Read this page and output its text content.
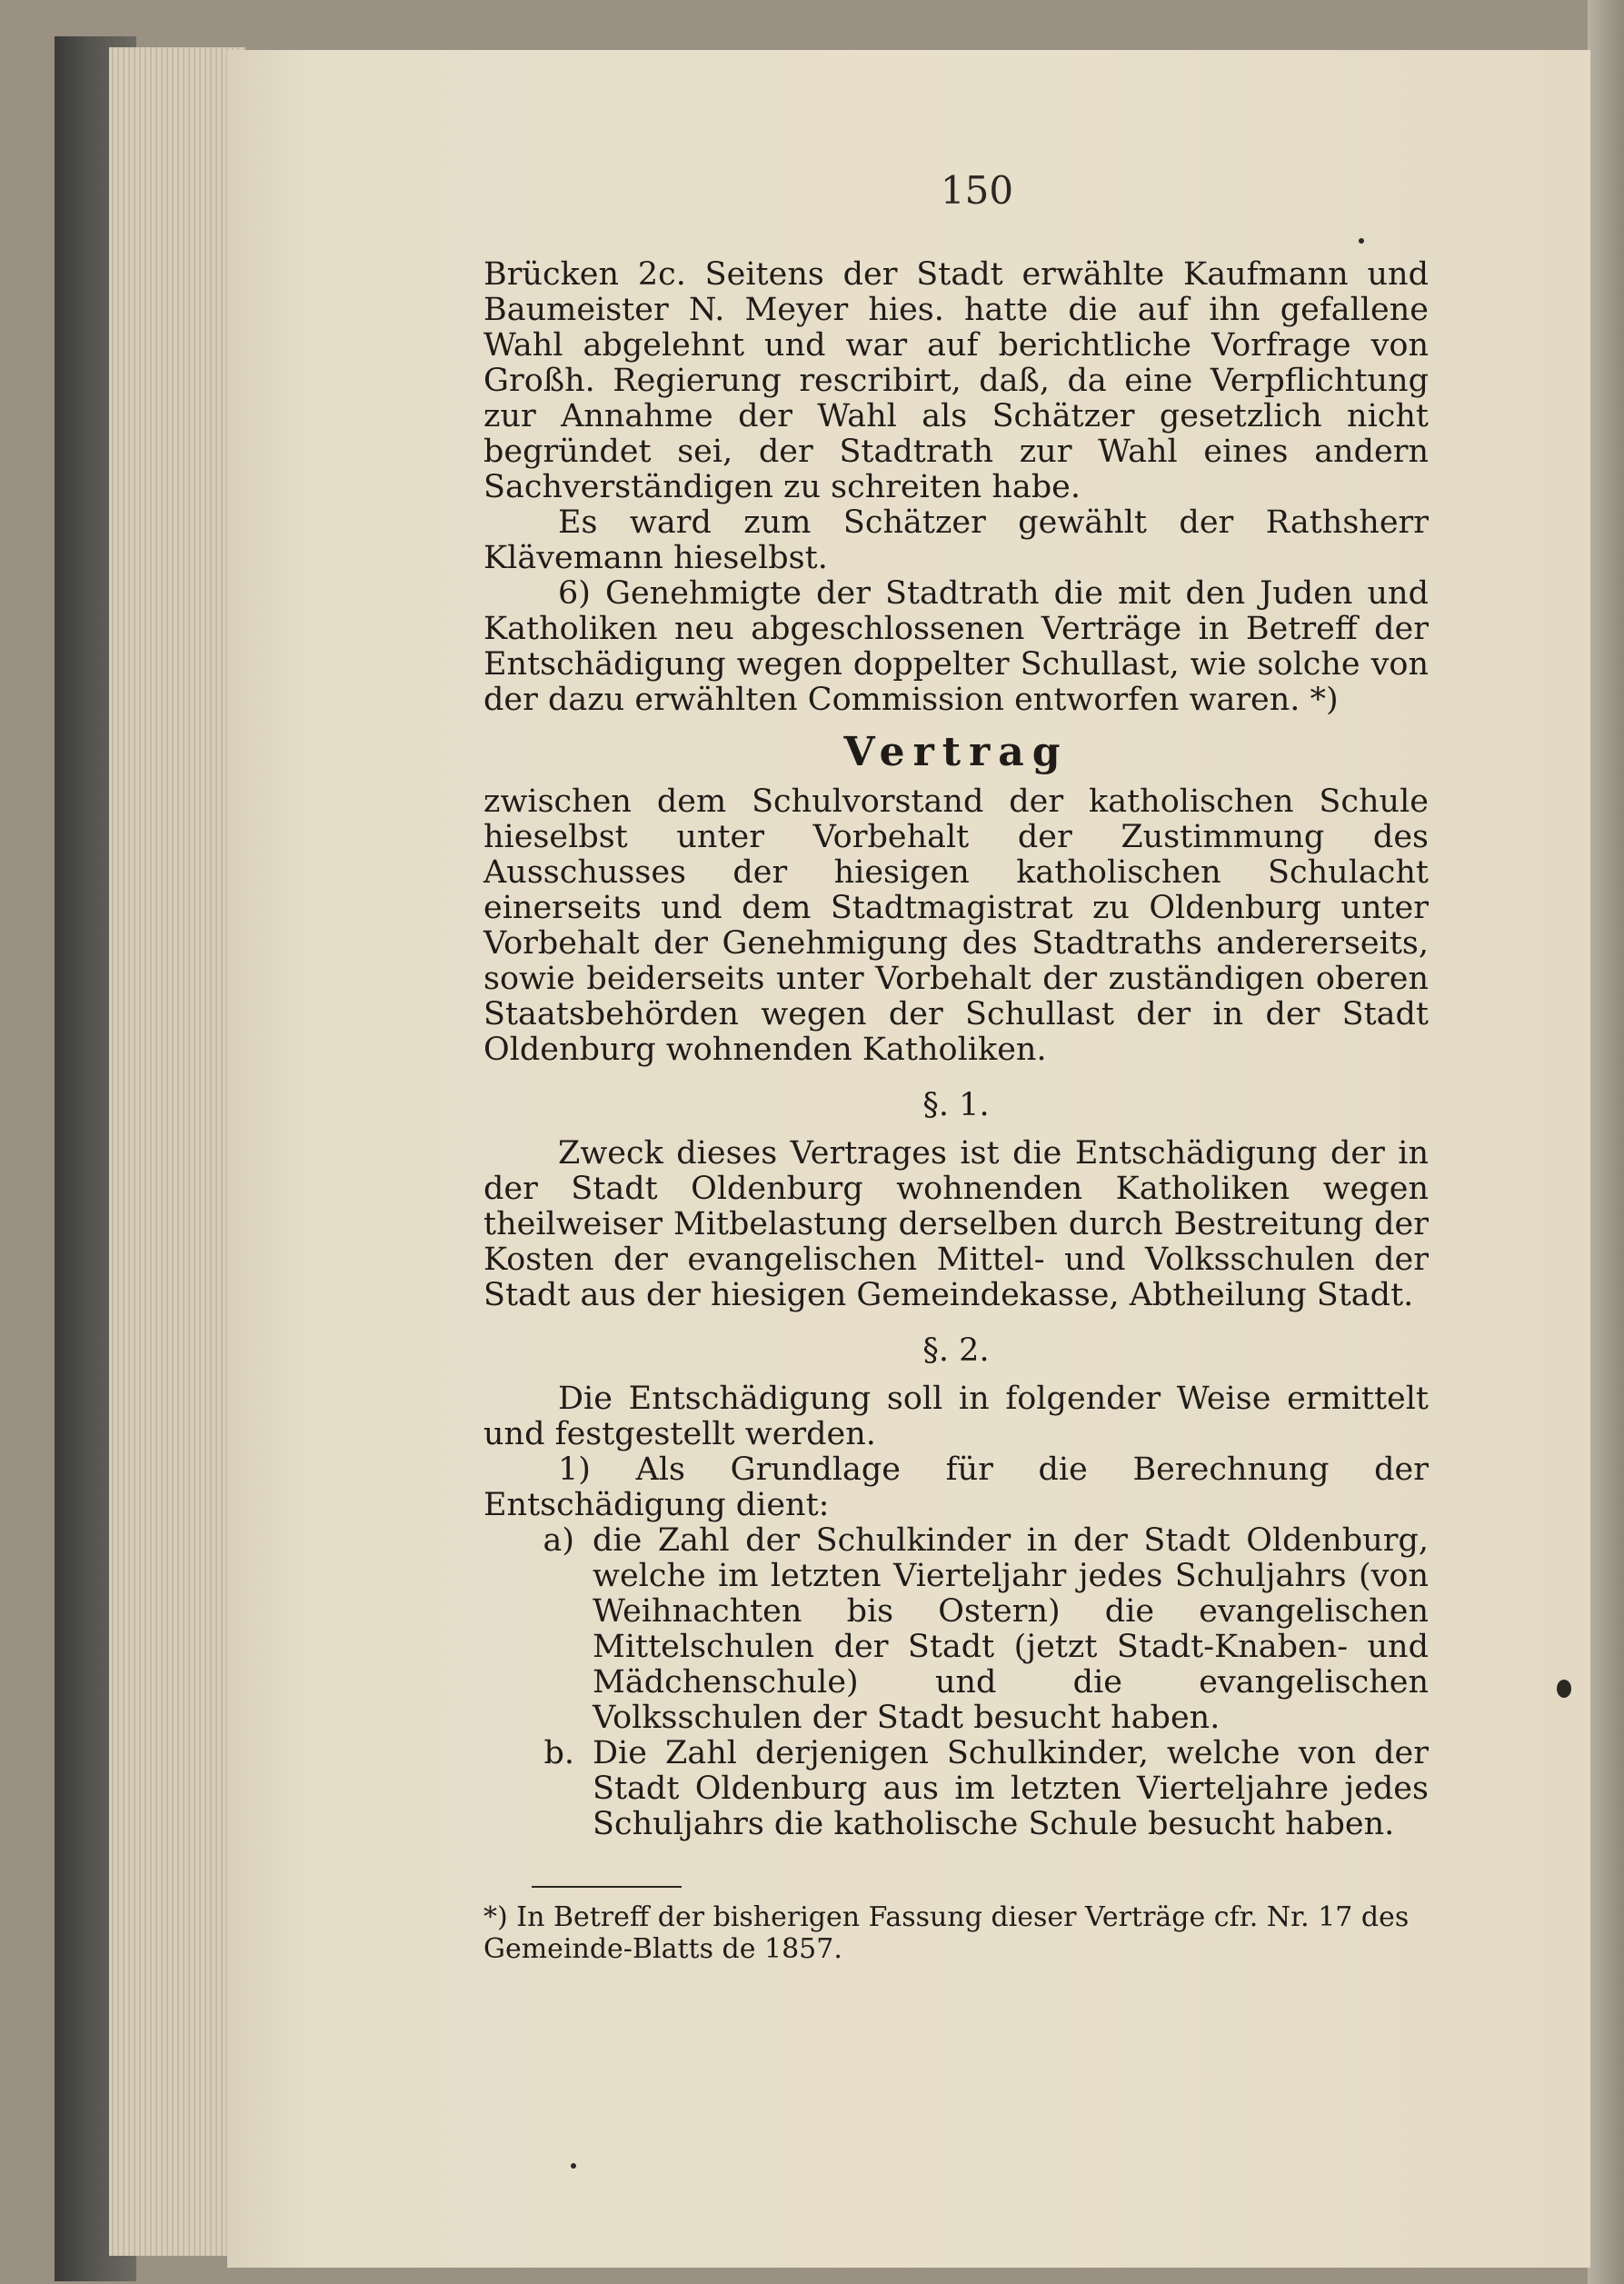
150

Brücken 2c. Seitens der Stadt erwählte Kaufmann und Baumeister N. Meyer hies. hatte die auf ihn gefallene Wahl abgelehnt und war auf berichtliche Vorfrage von Großh. Regierung rescribirt, daß, da eine Verpflichtung zur Annahme der Wahl als Schätzer gesetzlich nicht begründet sei, der Stadtrath zur Wahl eines andern Sachverständigen zu schreiten habe.

Es ward zum Schätzer gewählt der Rathsherr Klävemann hieselbst.

6) Genehmigte der Stadtrath die mit den Juden und Katholiken neu abgeschlossenen Verträge in Betreff der Entschädigung wegen doppelter Schullast, wie solche von der dazu erwählten Commission entworfen waren. *)

Vertrag

zwischen dem Schulvorstand der katholischen Schule hieselbst unter Vorbehalt der Zustimmung des Ausschusses der hiesigen katholischen Schulacht einerseits und dem Stadtmagistrat zu Oldenburg unter Vorbehalt der Genehmigung des Stadtraths andererseits, sowie beiderseits unter Vorbehalt der zuständigen oberen Staatsbehörden wegen der Schullast der in der Stadt Oldenburg wohnenden Katholiken.

§. 1.

Zweck dieses Vertrages ist die Entschädigung der in der Stadt Oldenburg wohnenden Katholiken wegen theilweiser Mitbelastung derselben durch Bestreitung der Kosten der evangelischen Mittel- und Volksschulen der Stadt aus der hiesigen Gemeindekasse, Abtheilung Stadt.

§. 2.

Die Entschädigung soll in folgender Weise ermittelt und festgestellt werden.

1) Als Grundlage für die Berechnung der Entschädigung dient:

a) die Zahl der Schulkinder in der Stadt Oldenburg, welche im letzten Vierteljahr jedes Schuljahrs (von Weihnachten bis Ostern) die evangelischen Mittelschulen der Stadt (jetzt Stadt-Knaben- und Mädchenschule) und die evangelischen Volksschulen der Stadt besucht haben.
b. Die Zahl derjenigen Schulkinder, welche von der Stadt Oldenburg aus im letzten Vierteljahre jedes Schuljahrs die katholische Schule besucht haben.
*) In Betreff der bisherigen Fassung dieser Verträge cfr. Nr. 17 des Gemeinde-Blatts de 1857.
